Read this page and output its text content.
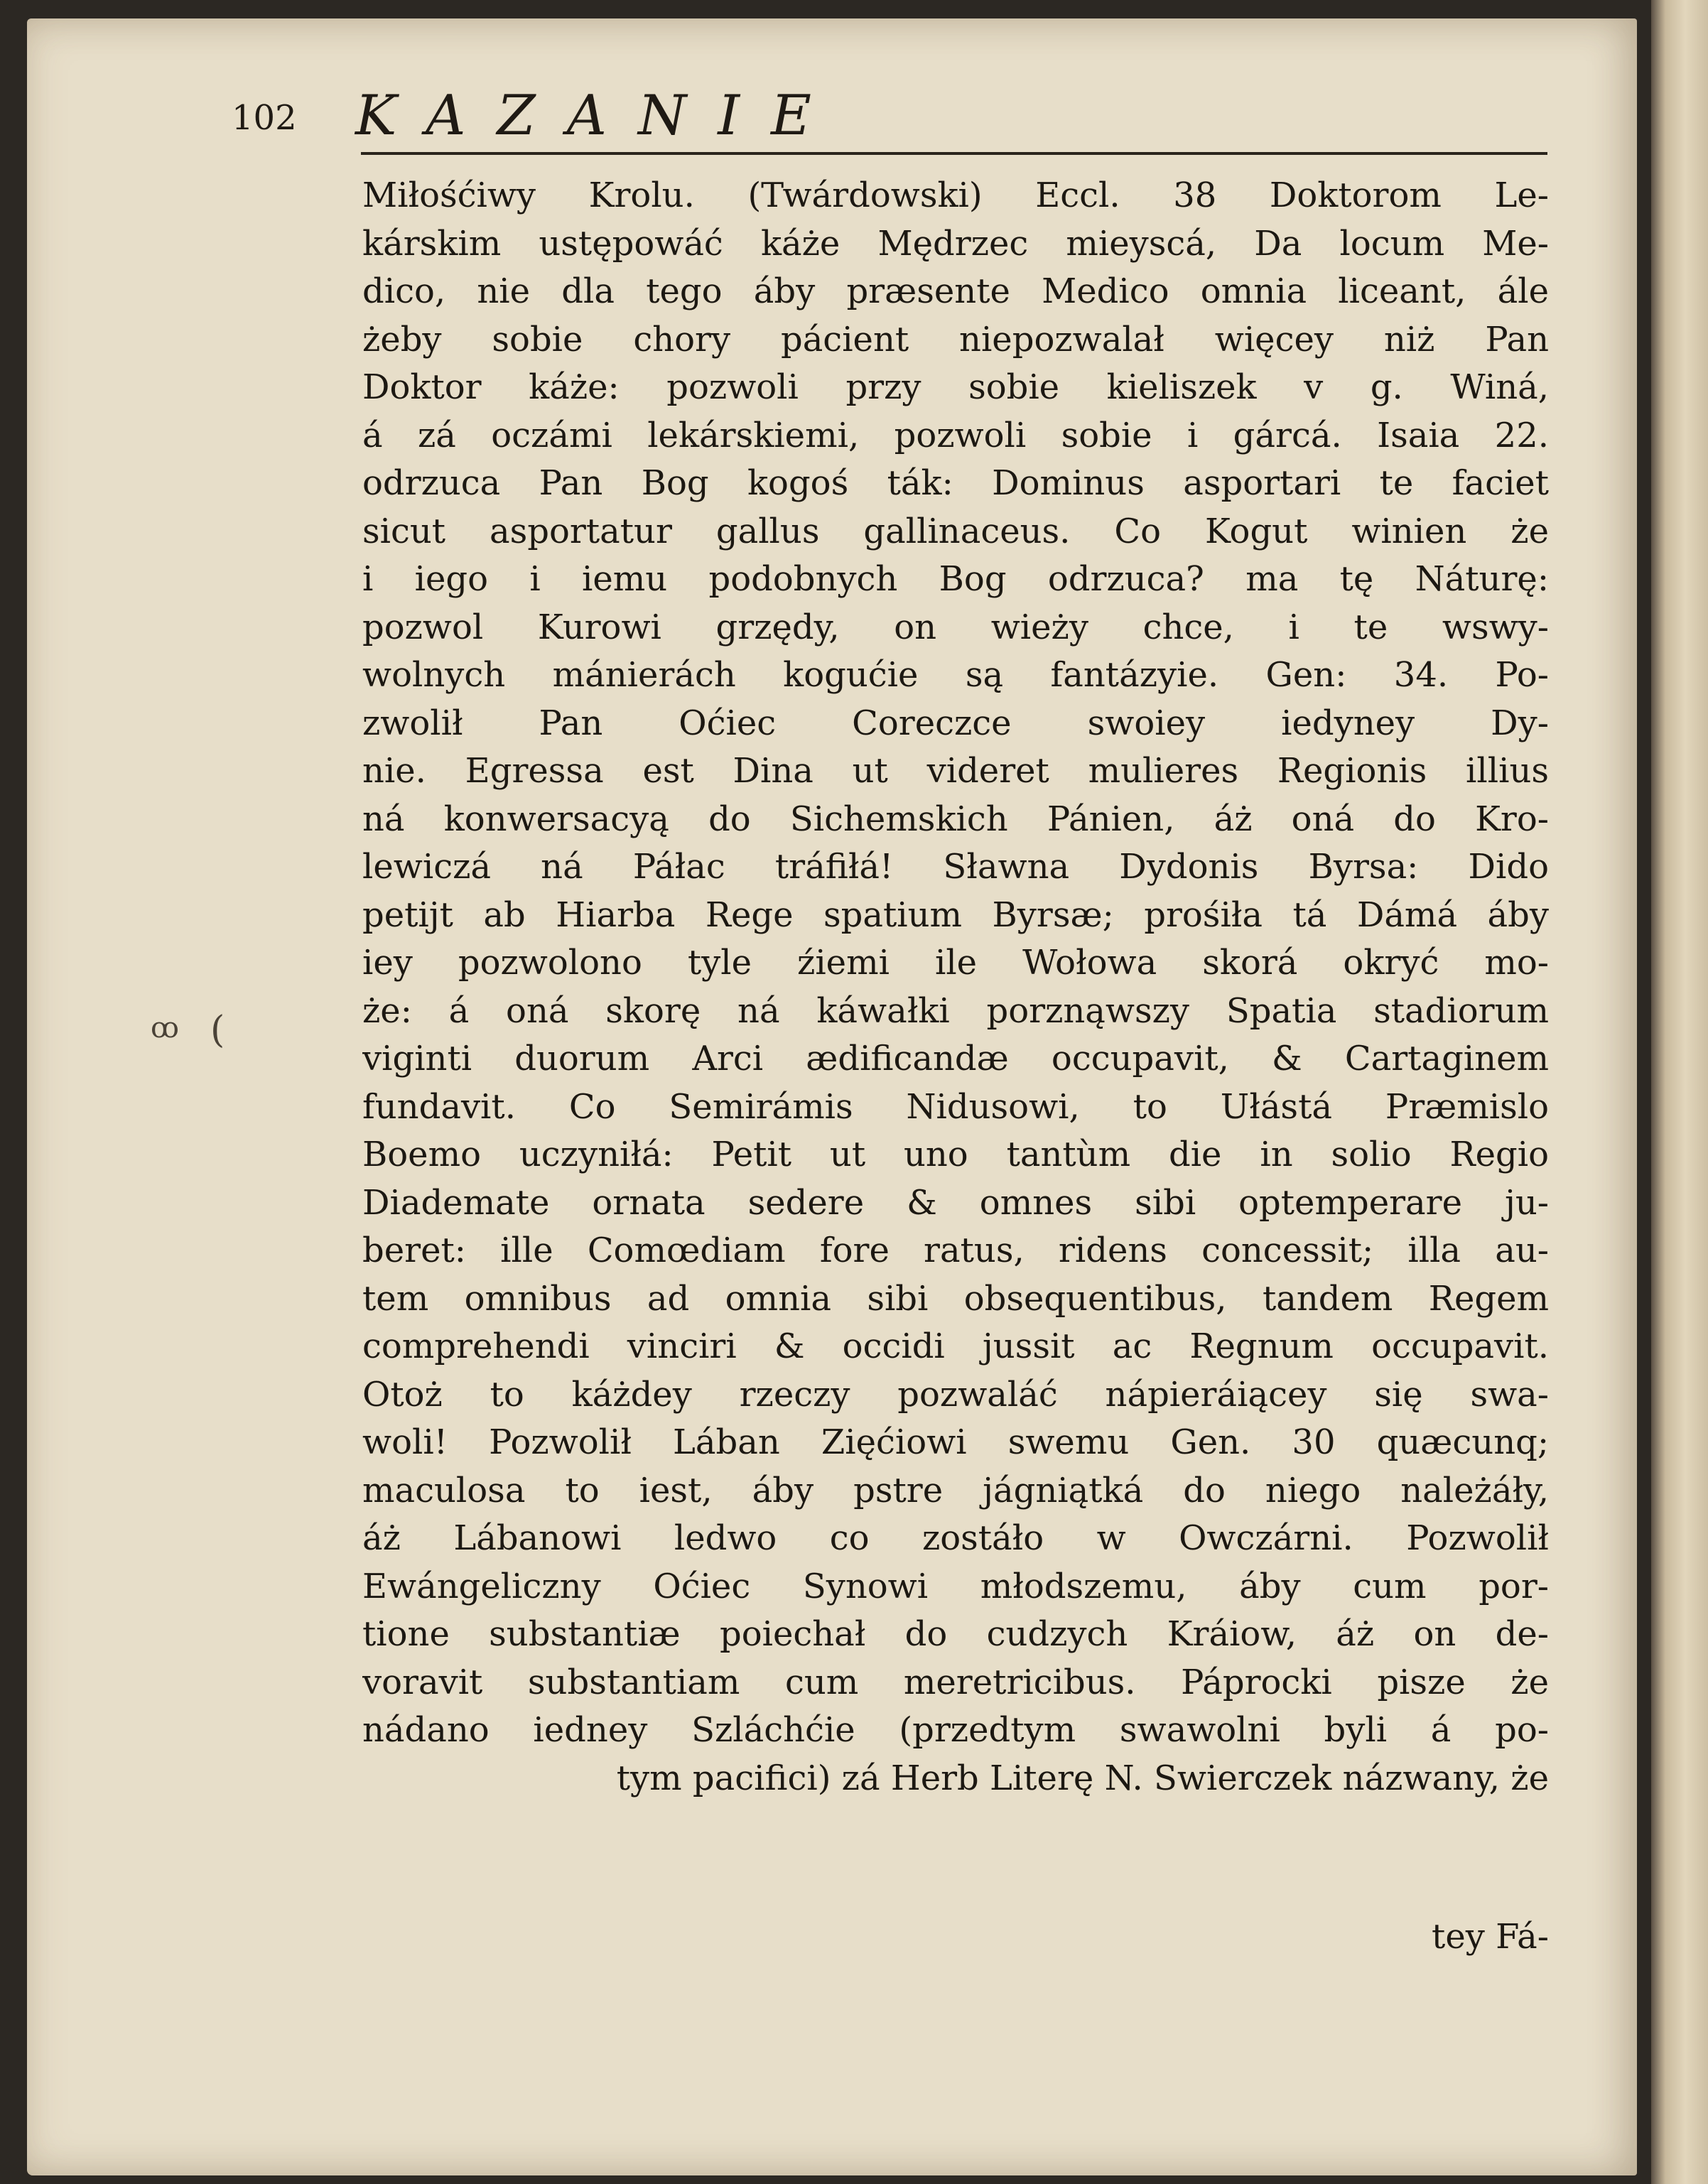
102 KAZANIE
ꝏ (
Miłośćiwy Krolu. (Twárdowski) Eccl. 38 Doktorom Le-
kárskim ustępowáć káże Mędrzec mieyscá, Da locum Me-
dico, nie dla tego áby præsente Medico omnia liceant, ále
żeby sobie chory pácient niepozwalał więcey niż Pan
Doktor káże: pozwoli przy sobie kieliszek v g. Winá,
á zá oczámi lekárskiemi, pozwoli sobie i gárcá. Isaia 22.
odrzuca Pan Bog kogoś ták: Dominus asportari te faciet
sicut asportatur gallus gallinaceus. Co Kogut winien że
i iego i iemu podobnych Bog odrzuca? ma tę Náturę:
pozwol Kurowi grzędy, on wieży chce, i te wswy-
wolnych mánierách kogućie są fantázyie. Gen: 34. Po-
zwolił Pan Oćiec Coreczce swoiey iedyney Dy-
nie. Egressa est Dina ut videret mulieres Regionis illius
ná konwersacyą do Sichemskich Pánien, áż oná do Kro-
lewiczá ná Páłac tráfiłá! Sławna Dydonis Byrsa: Dido
petijt ab Hiarba Rege spatium Byrsæ; prośiła tá Dámá áby
iey pozwolono tyle źiemi ile Wołowa skorá okryć mo-
że: á oná skorę ná káwałki porznąwszy Spatia stadiorum
viginti duorum Arci ædificandæ occupavit, & Cartaginem
fundavit. Co Semirámis Nidusowi, to Ułástá Præmislo
Boemo uczyniłá: Petit ut uno tantùm die in solio Regio
Diademate ornata sedere & omnes sibi optemperare ju-
beret: ille Comœdiam fore ratus, ridens concessit; illa au-
tem omnibus ad omnia sibi obsequentibus, tandem Regem
comprehendi vinciri & occidi jussit ac Regnum occupavit.
Otoż to káżdey rzeczy pozwaláć nápieráiącey się swa-
woli! Pozwolił Lában Zięćiowi swemu Gen. 30 quæcunq;
maculosa to iest, áby pstre jágniątká do niego należáły,
áż Lábanowi ledwo co zostáło w Owczárni. Pozwolił
Ewángeliczny Oćiec Synowi młodszemu, áby cum por-
tione substantiæ poiechał do cudzych Kráiow, áż on de-
voravit substantiam cum meretricibus. Páprocki pisze że
nádano iedney Szláchćie (przedtym swawolni byli á po-
tym pacifici) zá Herb Literę N. Swierczek názwany, że
tey Fá-
